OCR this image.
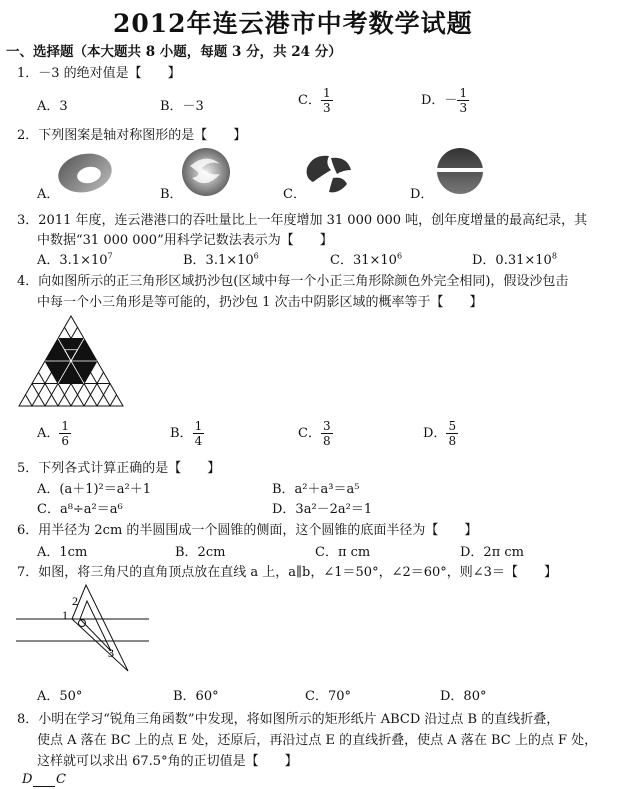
2012年连云港市中考数学试题
一、选择题（本大题共 8 小题，每题 3 分，共 24 分）
1．－3 的绝对值是【　　】
A．3	B．－3	C． $\frac{1}{3}$	D．－ $\frac{1}{3}$
2．下列图案是轴对称图形的是【　　】
A．	B．	C．	D．
3．2011 年度，连云港港口的吞吐量比上一年度增加 31 000 000 吨，创年度增量的最高纪录，其
中数据“31 000 000”用科学记数法表示为【　　】
A．$3.1\times 10^7$	B．$3.1\times 10^6$	C．$31\times 10^6$	D．$0.31\times 10^8$
4．向如图所示的正三角形区域扔沙包(区域中每一个小正三角形除颜色外完全相同)，假设沙包击
中每一个小三角形是等可能的，扔沙包 1 次击中阴影区域的概率等于【　　】
A． $\frac{1}{6}$	B． $\frac{1}{4}$	C． $\frac{3}{8}$	D． $\frac{5}{8}$
5．下列各式计算正确的是【　　】
A．(a＋1)²＝a²＋1	B．a²＋a³＝a⁵
C．a⁸÷a²＝a⁶	D．3a²－2a²＝1
6．用半径为 2cm 的半圆围成一个圆锥的侧面，这个圆锥的底面半径为【　　】
A．1cm	B．2cm	C．π cm	D．2π cm
7．如图，将三角尺的直角顶点放在直线 a 上，a∥b，∠1＝50°，∠2＝60°，则∠3＝【　　】
1
2
3
A．50°	B．60°	C．70°	D．80°
8．小明在学习“锐角三角函数”中发现，将如图所示的矩形纸片 ABCD 沿过点 B 的直线折叠，
使点 A 落在 BC 上的点 E 处，还原后，再沿过点 E 的直线折叠，使点 A 落在 BC 上的点 F 处，
这样就可以求出 67.5°角的正切值是【　　】
D C
